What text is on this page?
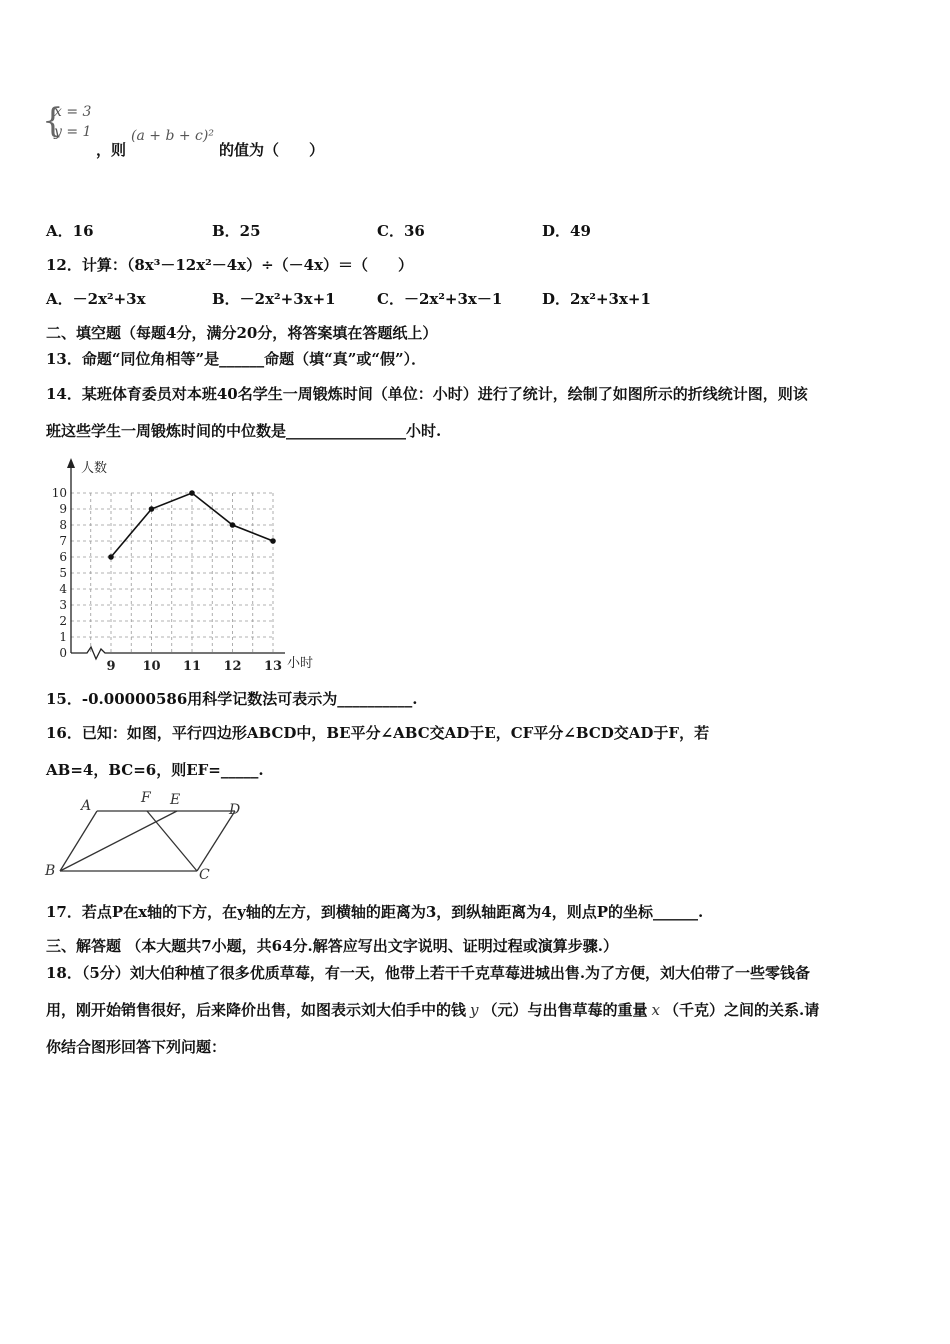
{
x = 3
y = 1
，则
(a + b + c)²
的值为（　　）
A．16	B．25	C．36	D．49
12．计算：（8x³－12x²－4x）÷（－4x）＝（　　）
A．－2x²+3x	B．－2x²+3x+1	C．－2x²+3x－1	D．2x²+3x+1
二、填空题（每题4分，满分20分，将答案填在答题纸上）
13．命题“同位角相等”是______命题（填“真”或“假”）．
14．某班体育委员对本班40名学生一周锻炼时间（单位：小时）进行了统计，绘制了如图所示的折线统计图，则该
班这些学生一周锻炼时间的中位数是________________小时.
0
1
2
3
4
5
6
7
8
9
10
9 10 11 12 13
人数
小时
15．-0.00000586用科学记数法可表示为__________.
16．已知：如图，平行四边形ABCD中，BE平分∠ABC交AD于E，CF平分∠BCD交AD于F，若
AB=4，BC=6，则EF=_____.
A	F E
D
B	C
17．若点P在x轴的下方，在y轴的左方，到横轴的距离为3，到纵轴距离为4，则点P的坐标______.
三、解答题 （本大题共7小题，共64分.解答应写出文字说明、证明过程或演算步骤.）
18．（5分）刘大伯种植了很多优质草莓，有一天，他带上若干千克草莓进城出售.为了方便，刘大伯带了一些零钱备
用，刚开始销售很好，后来降价出售，如图表示刘大伯手中的钱 y （元）与出售草莓的重量 x （千克）之间的关系.请
你结合图形回答下列问题：
